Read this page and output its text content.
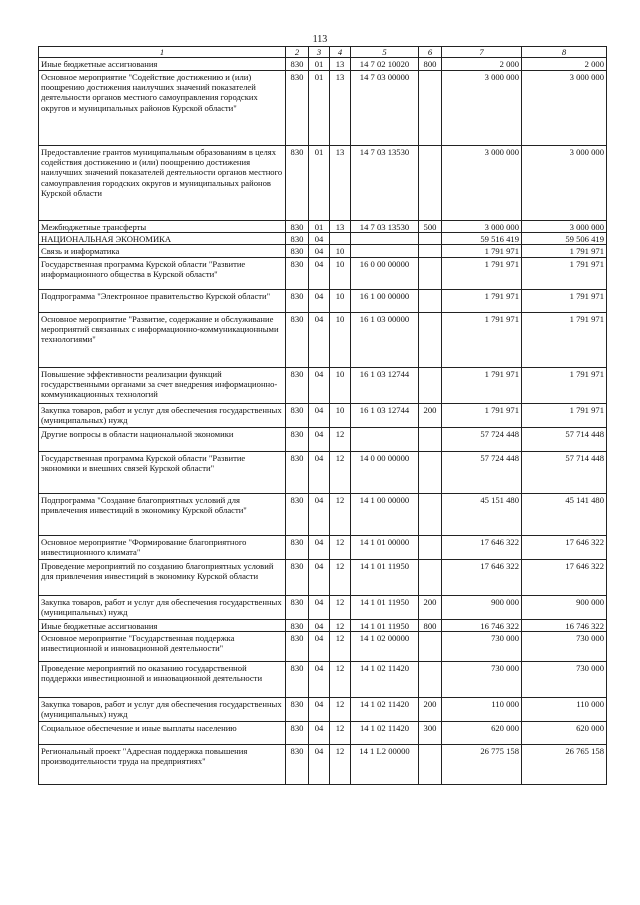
113
1	2	3	4	5	6	7	8
Иные бюджетные ассигнования	830	01	13	14 7 02 10020	800	2 000	2 000
Основное мероприятие "Содействие достижению и (или) поощрению достижения наилучших значений показателей деятельности органов местного самоуправления городских округов и муниципальных районов Курской области"	830	01	13	14 7 03 00000		3 000 000	3 000 000
Предоставление грантов муниципальным образованиям в целях содействия достижению и (или) поощрению достижения наилучших значений показателей деятельности органов местного самоуправления городских округов и муниципальных районов Курской области	830	01	13	14 7 03 13530		3 000 000	3 000 000
Межбюджетные трансферты	830	01	13	14 7 03 13530	500	3 000 000	3 000 000
НАЦИОНАЛЬНАЯ ЭКОНОМИКА	830	04				59 516 419	59 506 419
Связь и информатика	830	04	10			1 791 971	1 791 971
Государственная программа Курской области "Развитие информационного общества в Курской области"	830	04	10	16 0 00 00000		1 791 971	1 791 971
Подпрограмма "Электронное правительство Курской области"	830	04	10	16 1 00 00000		1 791 971	1 791 971
Основное мероприятие "Развитие, содержание и обслуживание мероприятий связанных с информационно-коммуникационными технологиями"	830	04	10	16 1 03 00000		1 791 971	1 791 971
Повышение эффективности реализации функций государственными органами за счет внедрения информационно-коммуникационных технологий	830	04	10	16 1 03 12744		1 791 971	1 791 971
Закупка товаров, работ и услуг для обеспечения государственных (муниципальных) нужд	830	04	10	16 1 03 12744	200	1 791 971	1 791 971
Другие вопросы в области национальной экономики	830	04	12			57 724 448	57 714 448
Государственная программа Курской области "Развитие экономики и внешних связей Курской области"	830	04	12	14 0 00 00000		57 724 448	57 714 448
Подпрограмма "Создание благоприятных условий для привлечения инвестиций в экономику Курской области"	830	04	12	14 1 00 00000		45 151 480	45 141 480
Основное мероприятие "Формирование благоприятного инвестиционного климата"	830	04	12	14 1 01 00000		17 646 322	17 646 322
Проведение мероприятий по созданию благоприятных условий для привлечения инвестиций в экономику Курской области	830	04	12	14 1 01 11950		17 646 322	17 646 322
Закупка товаров, работ и услуг для обеспечения государственных (муниципальных) нужд	830	04	12	14 1 01 11950	200	900 000	900 000
Иные бюджетные ассигнования	830	04	12	14 1 01 11950	800	16 746 322	16 746 322
Основное мероприятие "Государственная поддержка инвестиционной и инновационной деятельности"	830	04	12	14 1 02 00000		730 000	730 000
Проведение мероприятий по оказанию государственной поддержки инвестиционной и инновационной деятельности	830	04	12	14 1 02 11420		730 000	730 000
Закупка товаров, работ и услуг для обеспечения государственных (муниципальных) нужд	830	04	12	14 1 02 11420	200	110 000	110 000
Социальное обеспечение и иные выплаты населению	830	04	12	14 1 02 11420	300	620 000	620 000
Региональный проект "Адресная поддержка повышения производительности труда на предприятиях"	830	04	12	14 1 L2 00000		26 775 158	26 765 158
